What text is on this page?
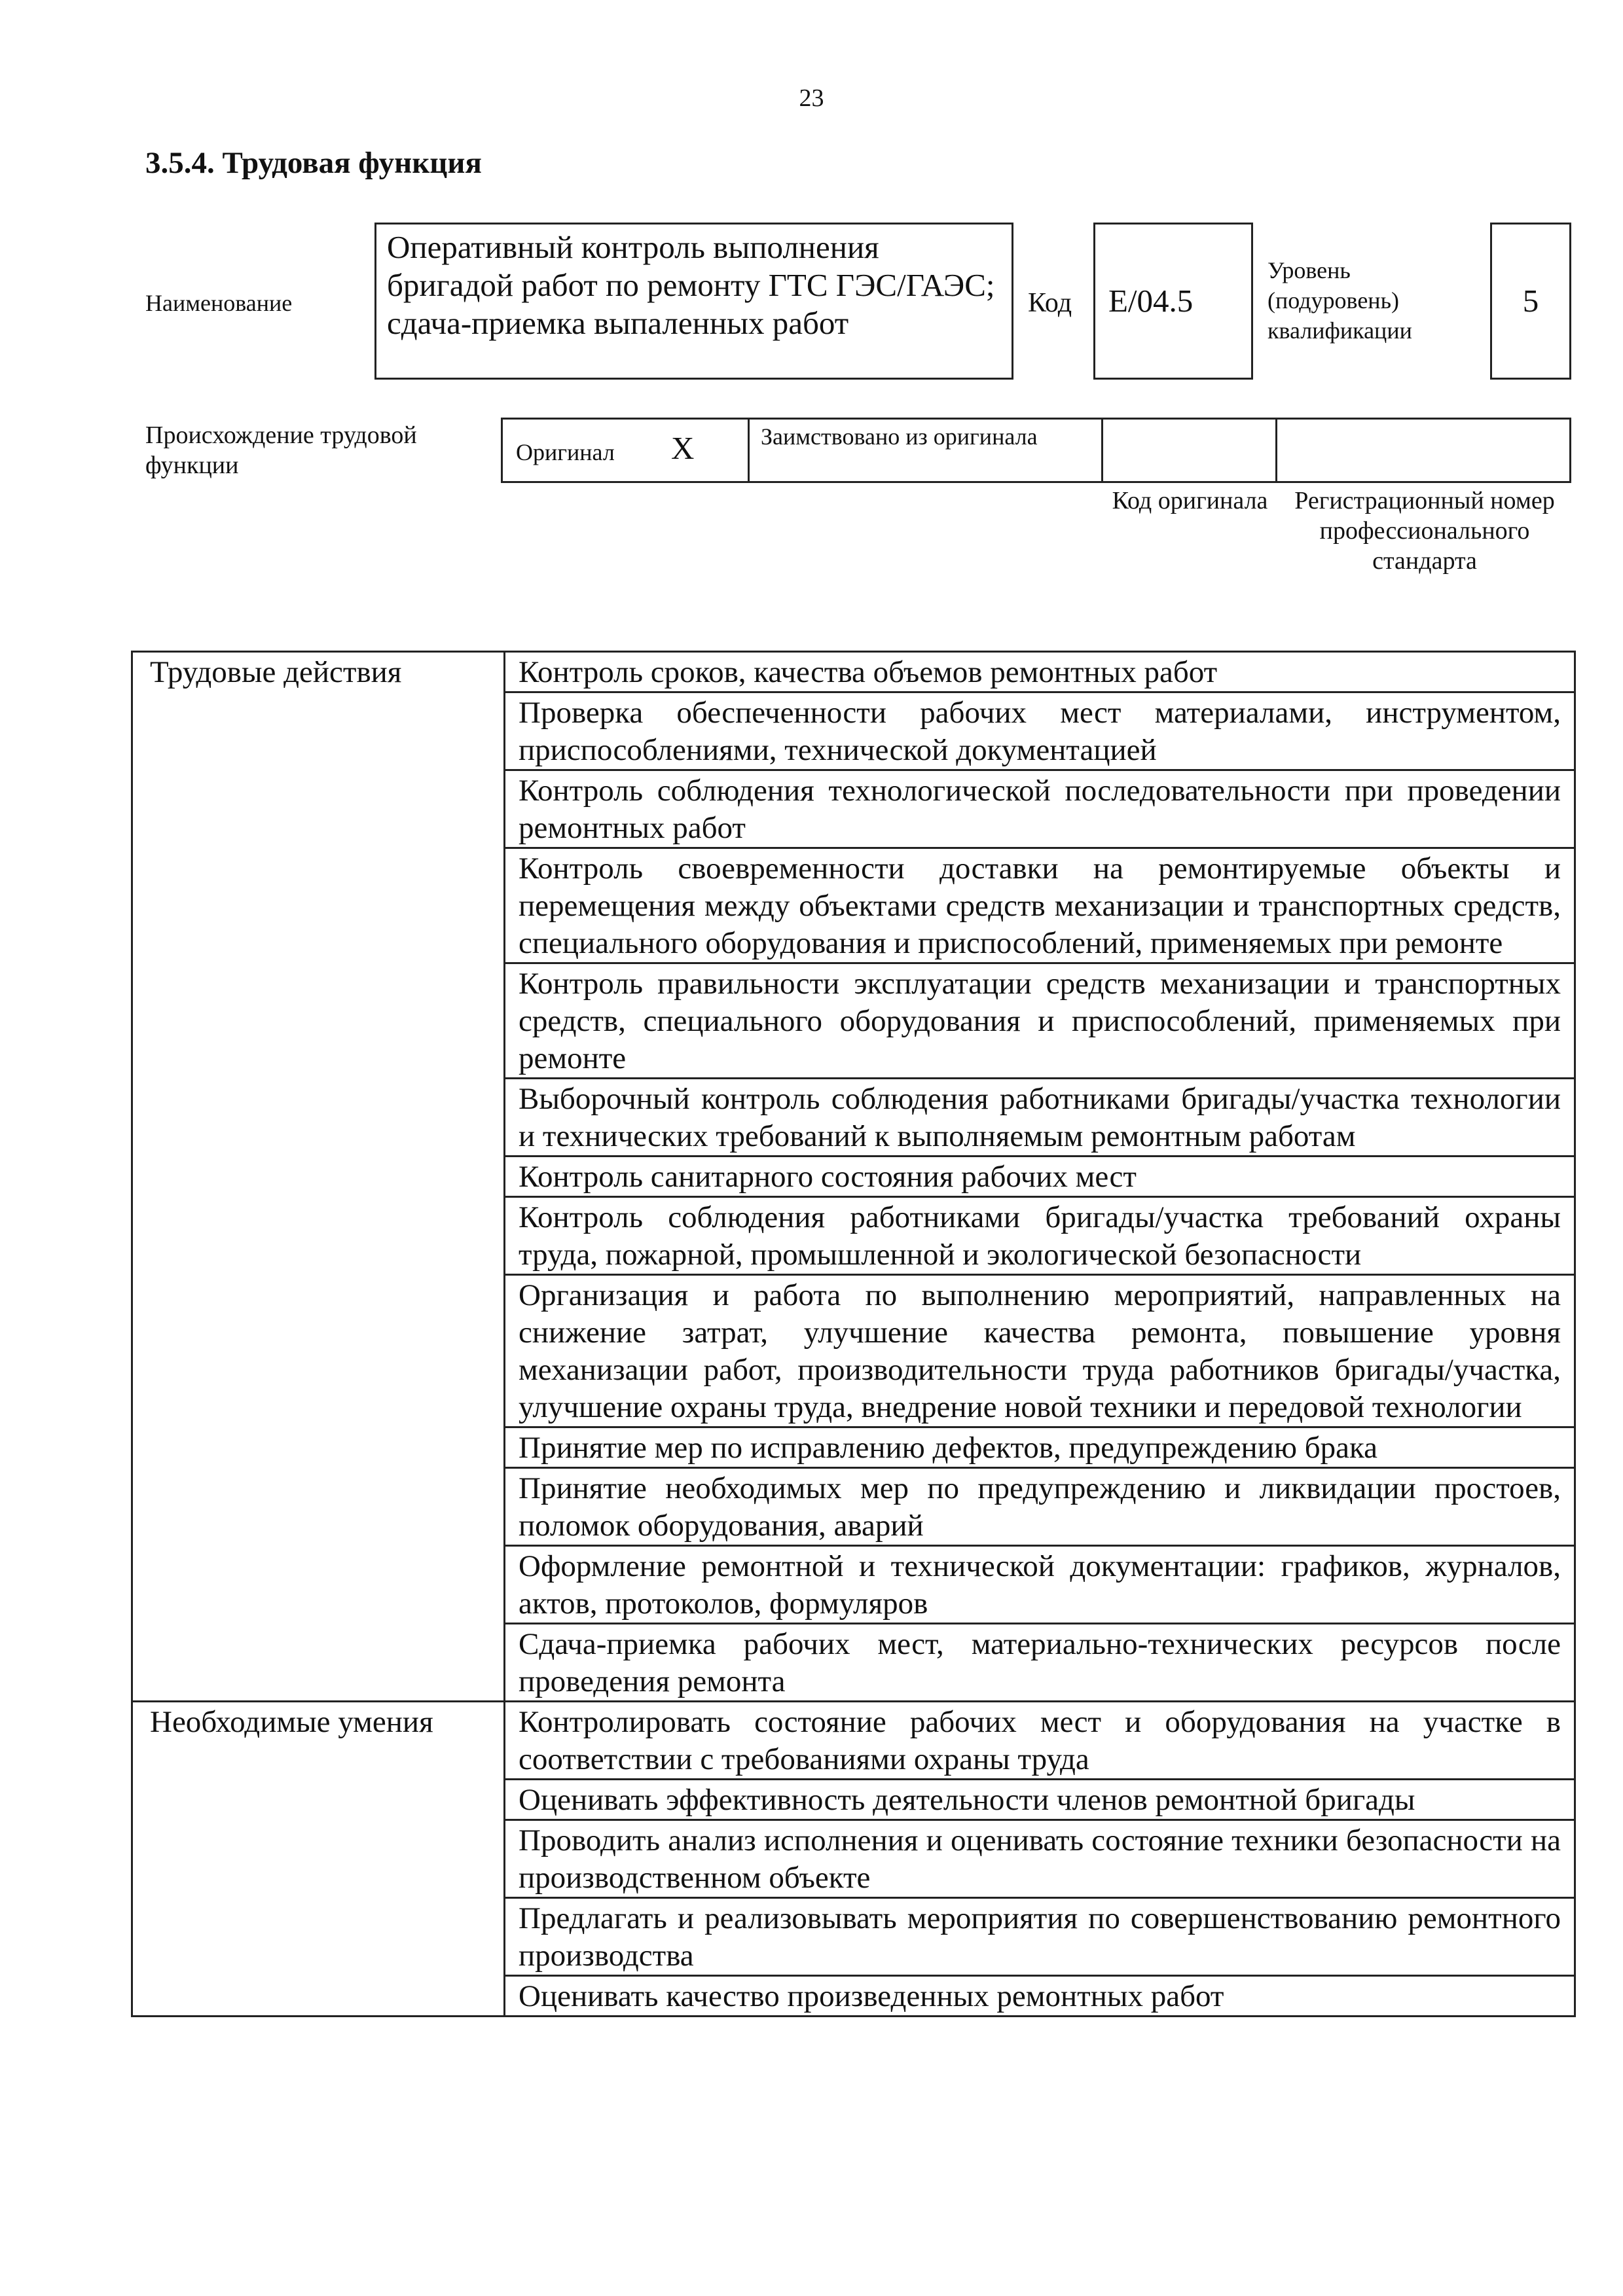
23
3.5.4. Трудовая функция
Наименование
Оперативный контроль выполнения бригадой работ по ремонту ГТС ГЭС/ГАЭС; сдача-приемка выпаленных работ
Код E/04.5
Уровень (подуровень) квалификации
5
Происхождение трудовой функции	Оригинал X	Заимствовано из оригинала
Код оригинала Регистрационный номер профессионального стандарта
Трудовые действия	Контроль сроков, качества объемов ремонтных работ
	Проверка обеспеченности рабочих мест материалами, инструментом, приспособлениями, технической документацией
	Контроль соблюдения технологической последовательности при проведении ремонтных работ
	Контроль своевременности доставки на ремонтируемые объекты и перемещения между объектами средств механизации и транспортных средств, специального оборудования и приспособлений, применяемых при ремонте
	Контроль правильности эксплуатации средств механизации и транспортных средств, специального оборудования и приспособлений, применяемых при ремонте
	Выборочный контроль соблюдения работниками бригады/участка технологии и технических требований к выполняемым ремонтным работам
	Контроль санитарного состояния рабочих мест
	Контроль соблюдения работниками бригады/участка требований охраны труда, пожарной, промышленной и экологической безопасности
	Организация и работа по выполнению мероприятий, направленных на снижение затрат, улучшение качества ремонта, повышение уровня механизации работ, производительности труда работников бригады/участка, улучшение охраны труда, внедрение новой техники и передовой технологии
	Принятие мер по исправлению дефектов, предупреждению брака
	Принятие необходимых мер по предупреждению и ликвидации простоев, поломок оборудования, аварий
	Оформление ремонтной и технической документации: графиков, журналов, актов, протоколов, формуляров
	Сдача-приемка рабочих мест, материально-технических ресурсов после проведения ремонта
Необходимые умения	Контролировать состояние рабочих мест и оборудования на участке в соответствии с требованиями охраны труда
	Оценивать эффективность деятельности членов ремонтной бригады
	Проводить анализ исполнения и оценивать состояние техники безопасности на производственном объекте
	Предлагать и реализовывать мероприятия по совершенствованию ремонтного производства
	Оценивать качество произведенных ремонтных работ
